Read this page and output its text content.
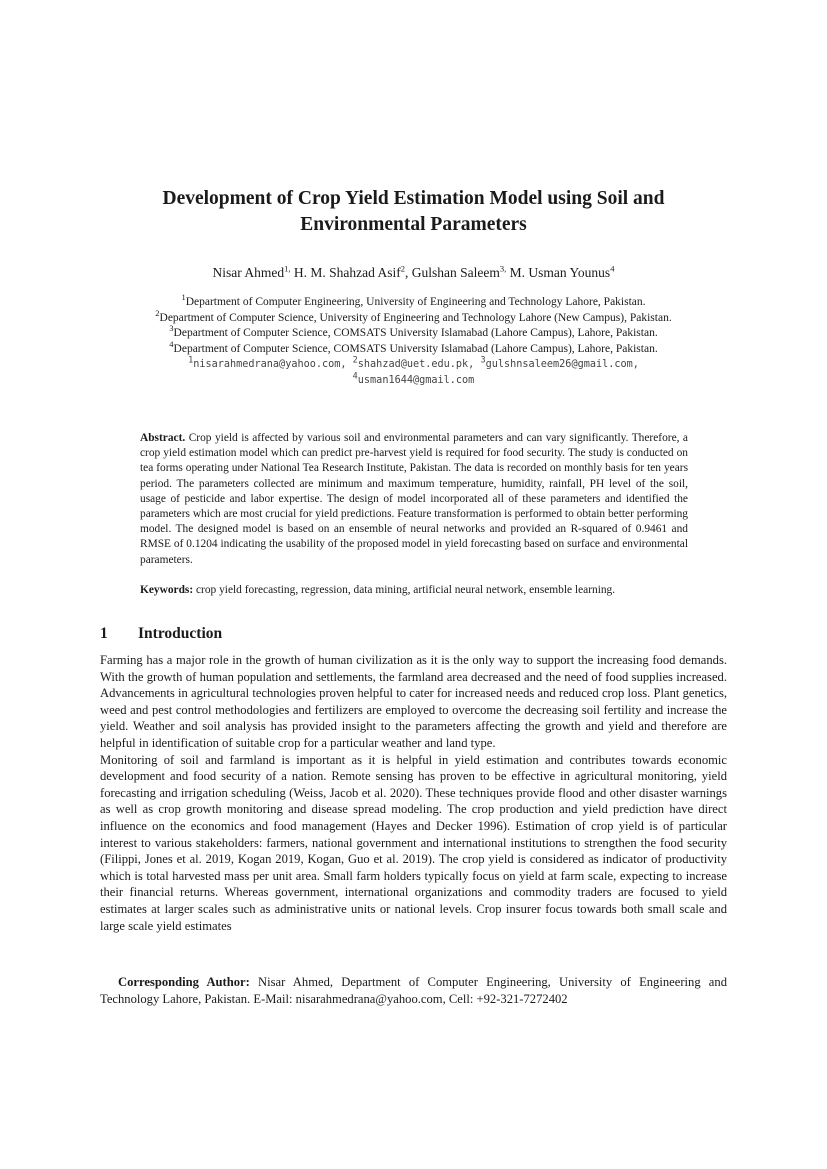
Development of Crop Yield Estimation Model using Soil and
Environmental Parameters
Nisar Ahmed$^{1,}$ H. M. Shahzad Asif$^2$, Gulshan Saleem$^{3,}$ M. Usman Younus$^4$
$^1$Department of Computer Engineering, University of Engineering and Technology Lahore, Pakistan.
$^2$Department of Computer Science, University of Engineering and Technology Lahore (New Campus), Pakistan.
$^3$Department of Computer Science, COMSATS University Islamabad (Lahore Campus), Lahore, Pakistan.
$^4$Department of Computer Science, COMSATS University Islamabad (Lahore Campus), Lahore, Pakistan.
$^1$nisarahmedrana@yahoo.com, $^2$shahzad@uet.edu.pk, $^3$gulshnsaleem26@gmail.com,
$^4$usman1644@gmail.com
Abstract. Crop yield is affected by various soil and environmental parameters and can vary significantly. Therefore, a crop yield estimation model which can predict pre-harvest yield is required for food security. The study is conducted on tea forms operating under National Tea Research Institute, Pakistan. The data is recorded on monthly basis for ten years period. The parameters collected are minimum and maximum temperature, humidity, rainfall, PH level of the soil, usage of pesticide and labor expertise. The design of model incorporated all of these parameters and identified the parameters which are most crucial for yield predictions. Feature transformation is performed to obtain better performing model. The designed model is based on an ensemble of neural networks and provided an R-squared of 0.9461 and RMSE of 0.1204 indicating the usability of the proposed model in yield forecasting based on surface and environmental parameters.
Keywords: crop yield forecasting, regression, data mining, artificial neural network, ensemble learning.
1 Introduction

Farming has a major role in the growth of human civilization as it is the only way to support the increasing food demands. With the growth of human population and settlements, the farmland area decreased and the need of food supplies increased. Advancements in agricultural technologies proven helpful to cater for increased needs and reduced crop loss. Plant genetics, weed and pest control methodologies and fertilizers are employed to overcome the decreasing soil fertility and increase the yield. Weather and soil analysis has provided insight to the parameters affecting the growth and yield and therefore are helpful in identification of suitable crop for a particular weather and land type.

Monitoring of soil and farmland is important as it is helpful in yield estimation and contributes towards economic development and food security of a nation. Remote sensing has proven to be effective in agricultural monitoring, yield forecasting and irrigation scheduling (Weiss, Jacob et al. 2020). These techniques provide flood and other disaster warnings as well as crop growth monitoring and disease spread modeling. The crop production and yield prediction have direct influence on the economics and food management (Hayes and Decker 1996). Estimation of crop yield is of particular interest to various stakeholders: farmers, national government and international institutions to strengthen the food security (Filippi, Jones et al. 2019, Kogan 2019, Kogan, Guo et al. 2019). The crop yield is considered as indicator of productivity which is total harvested mass per unit area. Small farm holders typically focus on yield at farm scale, expecting to increase their financial returns. Whereas government, international organizations and commodity traders are focused to yield estimates at larger scales such as administrative units or national levels. Crop insurer focus towards both small scale and large scale yield estimates

Corresponding Author: Nisar Ahmed, Department of Computer Engineering, University of Engineering and Technology Lahore, Pakistan. E-Mail: nisarahmedrana@yahoo.com, Cell: +92-321-7272402
